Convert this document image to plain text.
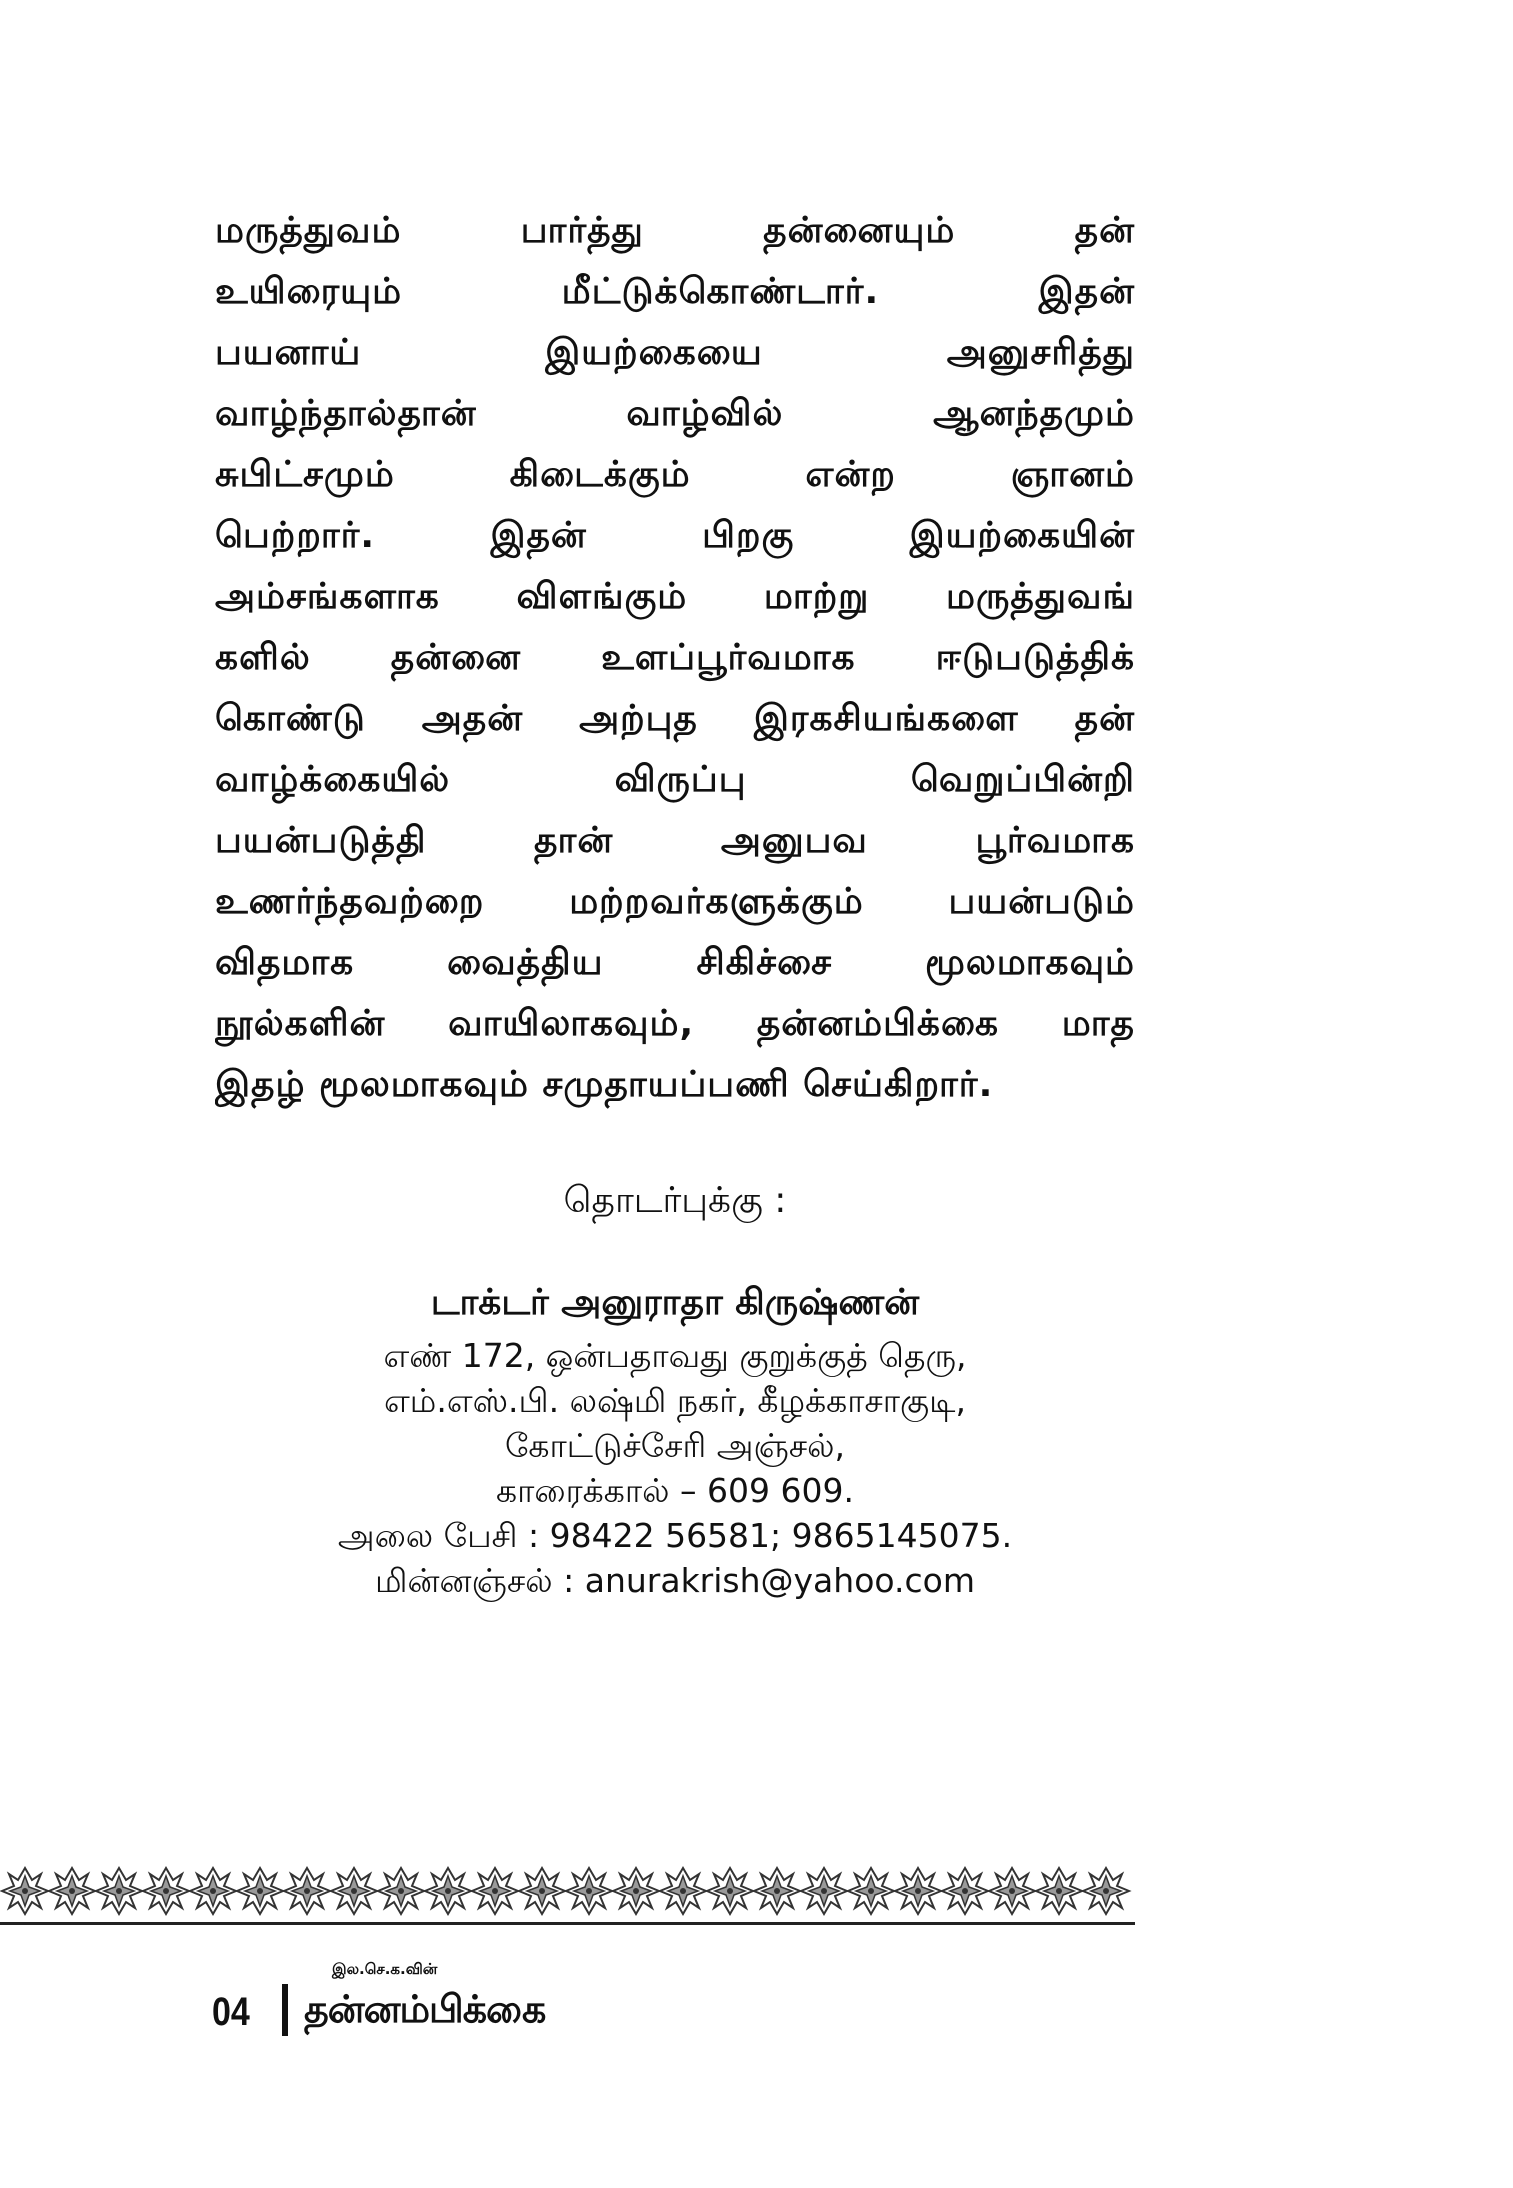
மருத்துவம் பார்த்து தன்னையும் தன்
உயிரையும் மீட்டுக்கொண்டார். இதன்
பயனாய் இயற்கையை அனுசரித்து
வாழ்ந்தால்தான் வாழ்வில் ஆனந்தமும்
சுபிட்சமும் கிடைக்கும் என்ற ஞானம்
பெற்றார். இதன் பிறகு இயற்கையின்
அம்சங்களாக விளங்கும் மாற்று மருத்துவங்
களில் தன்னை உளப்பூர்வமாக ஈடுபடுத்திக்
கொண்டு அதன் அற்புத இரகசியங்களை தன்
வாழ்க்கையில் விருப்பு வெறுப்பின்றி
பயன்படுத்தி தான் அனுபவ பூர்வமாக
உணர்ந்தவற்றை மற்றவர்களுக்கும் பயன்படும்
விதமாக வைத்திய சிகிச்சை மூலமாகவும்
நூல்களின் வாயிலாகவும், தன்னம்பிக்கை மாத
இதழ் மூலமாகவும் சமுதாயப்பணி செய்கிறார்.
தொடர்புக்கு :
டாக்டர் அனுராதா கிருஷ்ணன்
எண் 172, ஒன்பதாவது குறுக்குத் தெரு,
எம்.எஸ்.பி. லஷ்மி நகர், கீழக்காசாகுடி,
கோட்டுச்சேரி அஞ்சல்,
காரைக்கால் – 609 609.
அலை பேசி : 98422 56581; 9865145075.
மின்னஞ்சல் : anurakrish@yahoo.com
04
இல.செ.க.வின்
தன்னம்பிக்கை
